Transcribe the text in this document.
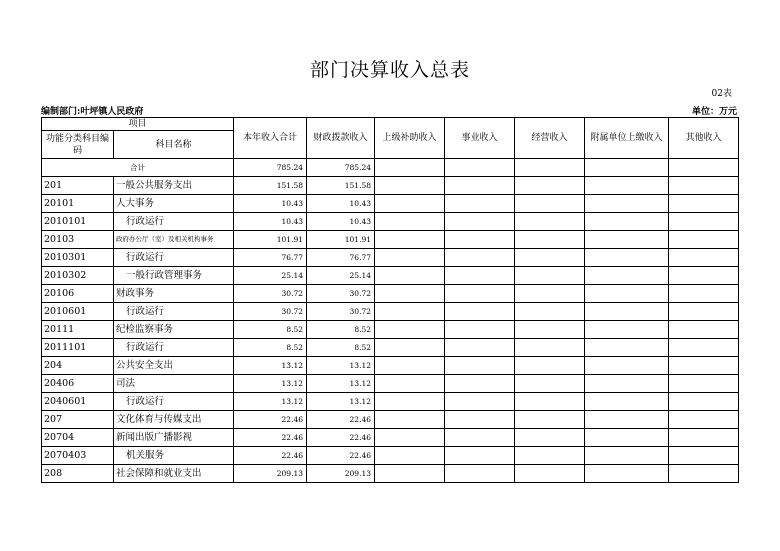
部门决算收入总表
02表
编制部门:叶坪镇人民政府	单位：万元
项目		本年收入合计	财政拨款收入	上级补助收入	事业收入	经营收入	附属单位上缴收入	其他收入
功能分类科目编码	科目名称							
合计		785.24	785.24					
201	一般公共服务支出	151.58	151.58					
20101	人大事务	10.43	10.43					
2010101	行政运行	10.43	10.43					
20103	政府办公厅（室）及相关机构事务	101.91	101.91					
2010301	行政运行	76.77	76.77					
2010302	一般行政管理事务	25.14	25.14					
20106	财政事务	30.72	30.72					
2010601	行政运行	30.72	30.72					
20111	纪检监察事务	8.52	8.52					
2011101	行政运行	8.52	8.52					
204	公共安全支出	13.12	13.12					
20406	司法	13.12	13.12					
2040601	行政运行	13.12	13.12					
207	文化体育与传媒支出	22.46	22.46					
20704	新闻出版广播影视	22.46	22.46					
2070403	机关服务	22.46	22.46					
208	社会保障和就业支出	209.13	209.13					
